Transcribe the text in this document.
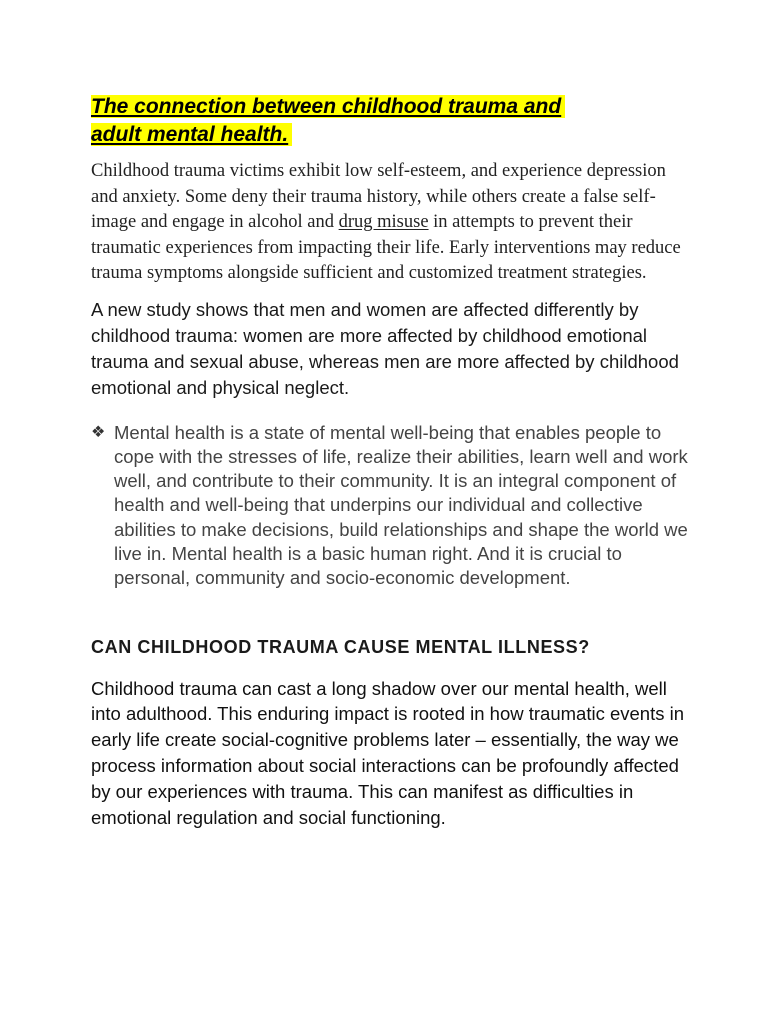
The connection between childhood trauma and
adult mental health.

Childhood trauma victims exhibit low self-esteem, and experience depression and anxiety. Some deny their trauma history, while others create a false self-image and engage in alcohol and drug misuse in attempts to prevent their traumatic experiences from impacting their life. Early interventions may reduce trauma symptoms alongside sufficient and customized treatment strategies.

A new study shows that men and women are affected differently by childhood trauma: women are more affected by childhood emotional trauma and sexual abuse, whereas men are more affected by childhood emotional and physical neglect.

❖ Mental health is a state of mental well-being that enables people to cope with the stresses of life, realize their abilities, learn well and work well, and contribute to their community. It is an integral component of health and well-being that underpins our individual and collective abilities to make decisions, build relationships and shape the world we live in. Mental health is a basic human right. And it is crucial to personal, community and socio-economic development.
CAN CHILDHOOD TRAUMA CAUSE MENTAL ILLNESS?

Childhood trauma can cast a long shadow over our mental health, well into adulthood. This enduring impact is rooted in how traumatic events in early life create social-cognitive problems later – essentially, the way we process information about social interactions can be profoundly affected by our experiences with trauma. This can manifest as difficulties in emotional regulation and social functioning.
